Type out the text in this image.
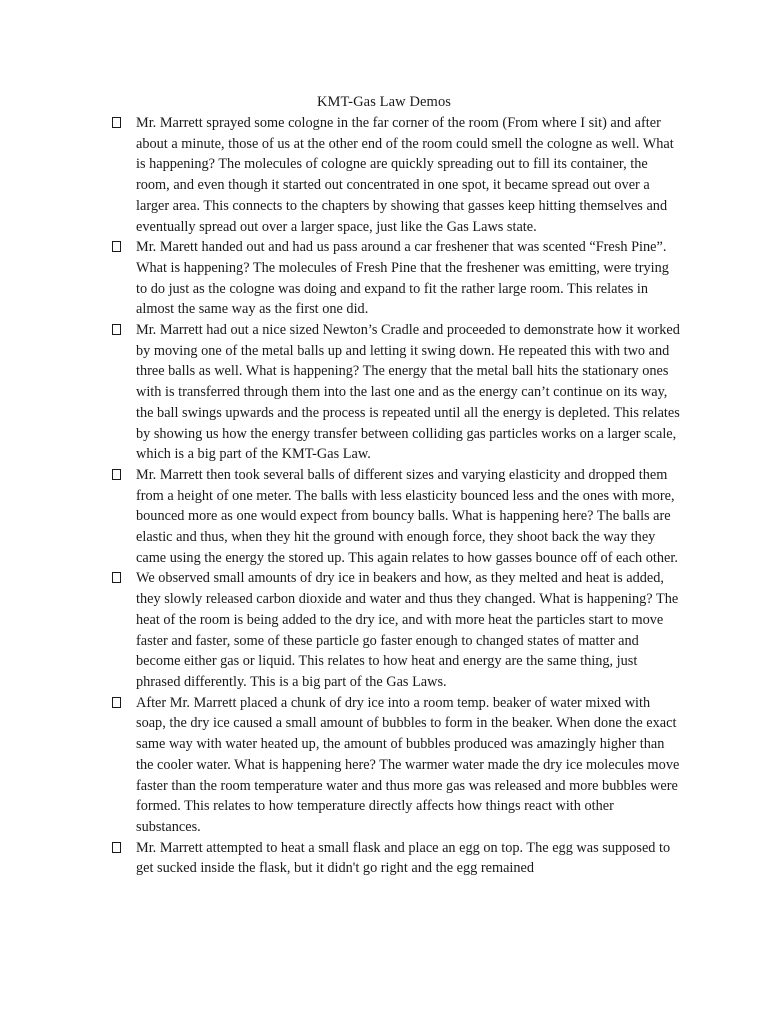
KMT-Gas Law Demos
Mr. Marrett sprayed some cologne in the far corner of the room (From where I sit) and after about a minute, those of us at the other end of the room could smell the cologne as well. What is happening? The molecules of cologne are quickly spreading out to fill its container, the room, and even though it started out concentrated in one spot, it became spread out over a larger area. This connects to the chapters by showing that gasses keep hitting themselves and eventually spread out over a larger space, just like the Gas Laws state.
Mr. Marett handed out and had us pass around a car freshener that was scented “Fresh Pine”. What is happening? The molecules of Fresh Pine that the freshener was emitting, were trying to do just as the cologne was doing and expand to fit the rather large room. This relates in almost the same way as the first one did.
Mr. Marrett had out a nice sized Newton’s Cradle and proceeded to demonstrate how it worked by moving one of the metal balls up and letting it swing down. He repeated this with two and three balls as well. What is happening? The energy that the metal ball hits the stationary ones with is transferred through them into the last one and as the energy can’t continue on its way, the ball swings upwards and the process is repeated until all the energy is depleted. This relates by showing us how the energy transfer between colliding gas particles works on a larger scale, which is a big part of the KMT-Gas Law.
Mr. Marrett then took several balls of different sizes and varying elasticity and dropped them from a height of one meter. The balls with less elasticity bounced less and the ones with more, bounced more as one would expect from bouncy balls. What is happening here? The balls are elastic and thus, when they hit the ground with enough force, they shoot back the way they came using the energy the stored up. This again relates to how gasses bounce off of each other.
We observed small amounts of dry ice in beakers and how, as they melted and heat is added, they slowly released carbon dioxide and water and thus they changed. What is happening? The heat of the room is being added to the dry ice, and with more heat the particles start to move faster and faster, some of these particle go faster enough to changed states of matter and become either gas or liquid. This relates to how heat and energy are the same thing, just phrased differently. This is a big part of the Gas Laws.
After Mr. Marrett placed a chunk of dry ice into a room temp. beaker of water mixed with soap, the dry ice caused a small amount of bubbles to form in the beaker. When done the exact same way with water heated up, the amount of bubbles produced was amazingly higher than the cooler water. What is happening here? The warmer water made the dry ice molecules move faster than the room temperature water and thus more gas was released and more bubbles were formed. This relates to how temperature directly affects how things react with other substances.
Mr. Marrett attempted to heat a small flask and place an egg on top. The egg was supposed to get sucked inside the flask, but it didn't go right and the egg remained
